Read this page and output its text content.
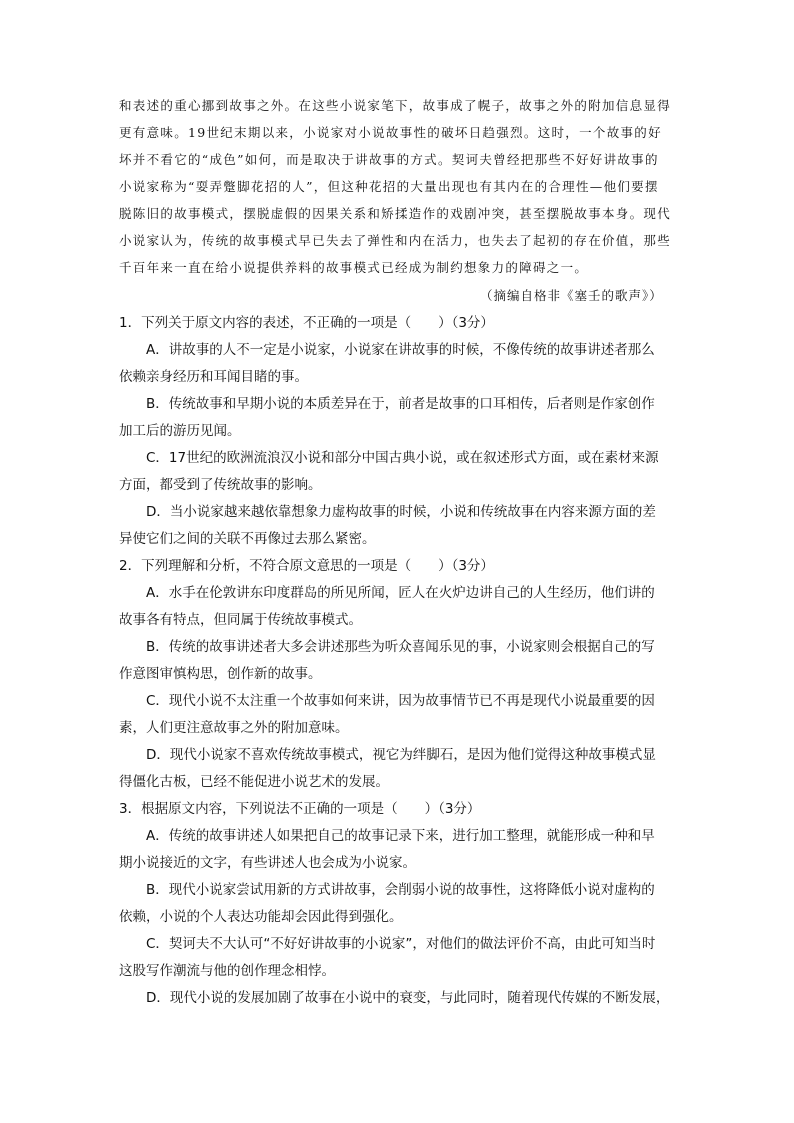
和表述的重心挪到故事之外。在这些小说家笔下，故事成了幌子，故事之外的附加信息显得
更有意味。19世纪末期以来，小说家对小说故事性的破坏日趋强烈。这时，一个故事的好
坏并不看它的“成色”如何，而是取决于讲故事的方式。契诃夫曾经把那些不好好讲故事的
小说家称为“耍弄蹩脚花招的人”，但这种花招的大量出现也有其内在的合理性—他们要摆
脱陈旧的故事模式，摆脱虚假的因果关系和矫揉造作的戏剧冲突，甚至摆脱故事本身。现代
小说家认为，传统的故事模式早已失去了弹性和内在活力，也失去了起初的存在价值，那些
千百年来一直在给小说提供养料的故事模式已经成为制约想象力的障碍之一。
（摘编自格非《塞壬的歌声》）
1．下列关于原文内容的表述，不正确的一项是（　　）（3分）
A．讲故事的人不一定是小说家，小说家在讲故事的时候，不像传统的故事讲述者那么
依赖亲身经历和耳闻目睹的事。
B．传统故事和早期小说的本质差异在于，前者是故事的口耳相传，后者则是作家创作
加工后的游历见闻。
C．17世纪的欧洲流浪汉小说和部分中国古典小说，或在叙述形式方面，或在素材来源
方面，都受到了传统故事的影响。
D．当小说家越来越依靠想象力虚构故事的时候，小说和传统故事在内容来源方面的差
异使它们之间的关联不再像过去那么紧密。
2．下列理解和分析，不符合原文意思的一项是（　　）（3分）
A．水手在伦敦讲东印度群岛的所见所闻，匠人在火炉边讲自己的人生经历，他们讲的
故事各有特点，但同属于传统故事模式。
B．传统的故事讲述者大多会讲述那些为听众喜闻乐见的事，小说家则会根据自己的写
作意图审慎构思，创作新的故事。
C．现代小说不太注重一个故事如何来讲，因为故事情节已不再是现代小说最重要的因
素，人们更注意故事之外的附加意味。
D．现代小说家不喜欢传统故事模式，视它为绊脚石，是因为他们觉得这种故事模式显
得僵化古板，已经不能促进小说艺术的发展。
3．根据原文内容，下列说法不正确的一项是（　　）（3分）
A．传统的故事讲述人如果把自己的故事记录下来，进行加工整理，就能形成一种和早
期小说接近的文字，有些讲述人也会成为小说家。
B．现代小说家尝试用新的方式讲故事，会削弱小说的故事性，这将降低小说对虚构的
依赖，小说的个人表达功能却会因此得到强化。
C．契诃夫不大认可“不好好讲故事的小说家”，对他们的做法评价不高，由此可知当时
这股写作潮流与他的创作理念相悖。
D．现代小说的发展加剧了故事在小说中的衰变，与此同时，随着现代传媒的不断发展，
